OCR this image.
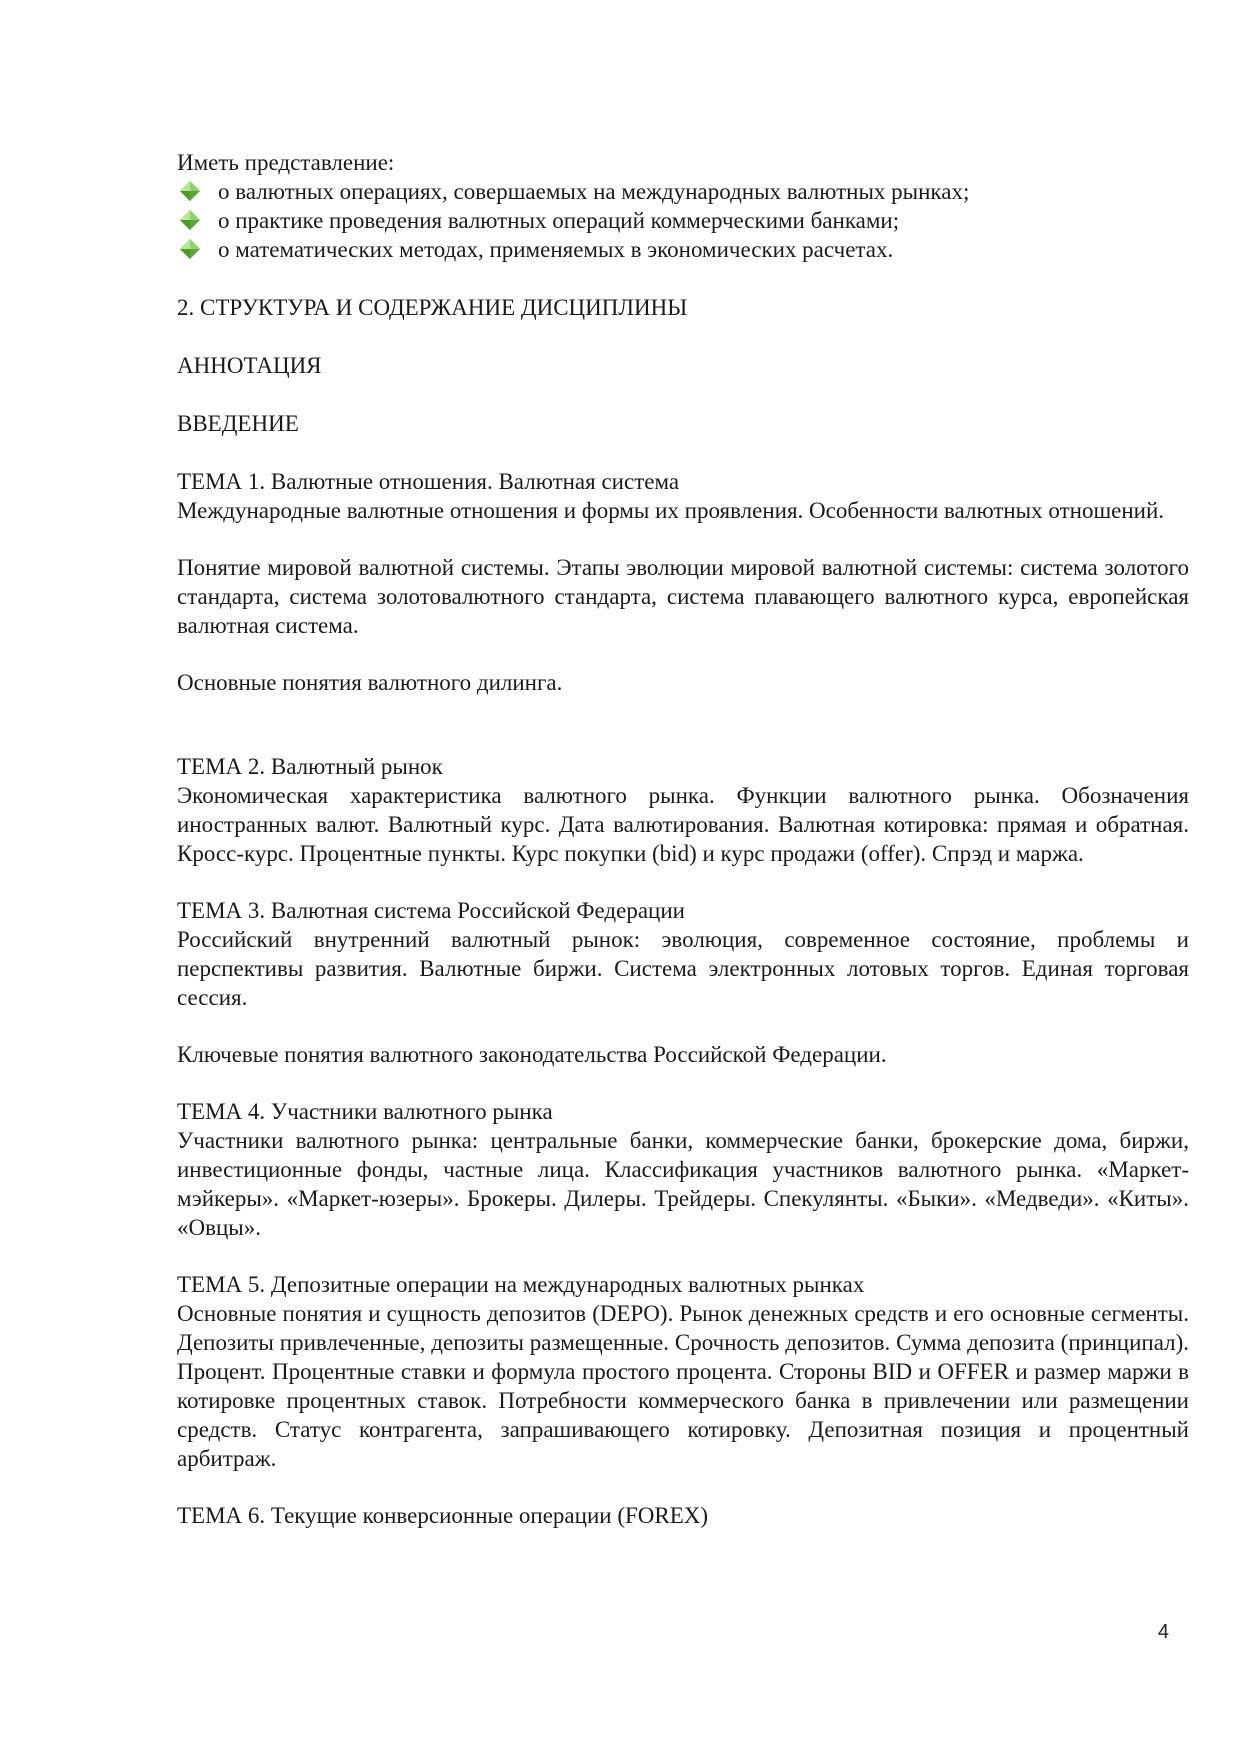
Иметь представление:

о валютных операциях, совершаемых на международных валютных рынках;
о практике проведения валютных операций коммерческими банками;
о математических методах, применяемых в экономических расчетах.

2. СТРУКТУРА И СОДЕРЖАНИЕ ДИСЦИПЛИНЫ

АННОТАЦИЯ

ВВЕДЕНИЕ

ТЕМА 1. Валютные отношения. Валютная система

Международные валютные отношения и формы их проявления. Особенности валютных отношений.

Понятие мировой валютной системы. Этапы эволюции мировой валютной системы: система золотого стандарта, система золотовалютного стандарта, система плавающего валютного курса, европейская валютная система.

Основные понятия валютного дилинга.

ТЕМА 2. Валютный рынок

Экономическая характеристика валютного рынка. Функции валютного рынка. Обозначения иностранных валют. Валютный курс. Дата валютирования. Валютная котировка: прямая и обратная. Кросс-курс. Процентные пункты. Курс покупки (bid) и курс продажи (offer). Спрэд и маржа.

ТЕМА 3. Валютная система Российской Федерации

Российский внутренний валютный рынок: эволюция, современное состояние, проблемы и перспективы развития. Валютные биржи. Система электронных лотовых торгов. Единая торговая сессия.

Ключевые понятия валютного законодательства Российской Федерации.

ТЕМА 4. Участники валютного рынка

Участники валютного рынка: центральные банки, коммерческие банки, брокерские дома, биржи, инвестиционные фонды, частные лица. Классификация участников валютного рынка. «Маркет-мэйкеры». «Маркет-юзеры». Брокеры. Дилеры. Трейдеры. Спекулянты. «Быки». «Медведи». «Киты». «Овцы».

ТЕМА 5. Депозитные операции на международных валютных рынках

Основные понятия и сущность депозитов (DEPO). Рынок денежных средств и его основные сегменты. Депозиты привлеченные, депозиты размещенные. Срочность депозитов. Сумма депозита (принципал). Процент. Процентные ставки и формула простого процента. Стороны BID и OFFER и размер маржи в котировке процентных ставок. Потребности коммерческого банка в привлечении или размещении средств. Статус контрагента, запрашивающего котировку. Депозитная позиция и процентный арбитраж.

ТЕМА 6. Текущие конверсионные операции (FOREX)

4
